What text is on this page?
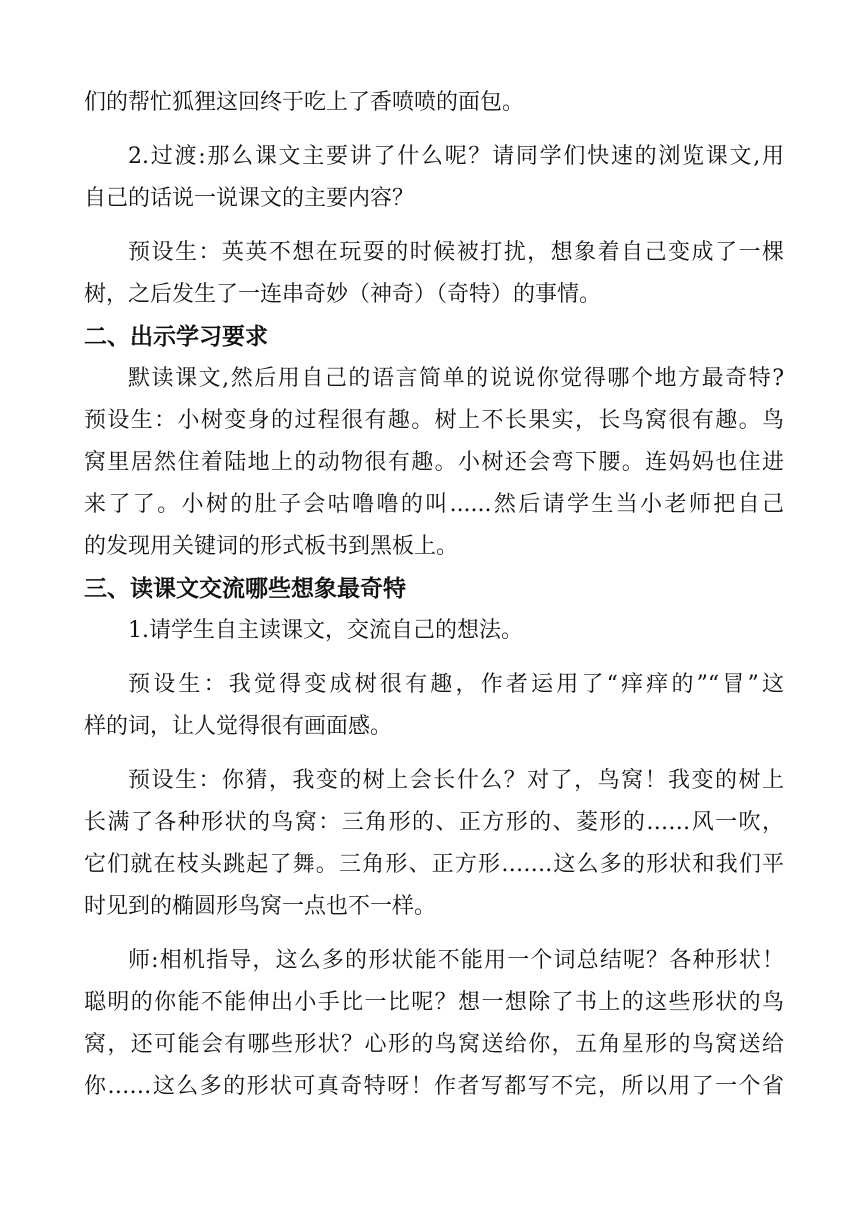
们的帮忙狐狸这回终于吃上了香喷喷的面包。
2.过渡:那么课文主要讲了什么呢？请同学们快速的浏览课文,用
自己的话说一说课文的主要内容？
预设生：英英不想在玩耍的时候被打扰，想象着自己变成了一棵
树，之后发生了一连串奇妙（神奇）（奇特）的事情。
二、出示学习要求
默读课文,然后用自己的语言简单的说说你觉得哪个地方最奇特?
预设生：小树变身的过程很有趣。树上不长果实，长鸟窝很有趣。鸟
窝里居然住着陆地上的动物很有趣。小树还会弯下腰。连妈妈也住进
来了了。小树的肚子会咕噜噜的叫......然后请学生当小老师把自己
的发现用关键词的形式板书到黑板上。
三、读课文交流哪些想象最奇特
1.请学生自主读课文，交流自己的想法。
预设生：我觉得变成树很有趣，作者运用了“痒痒的”“冒”这
样的词，让人觉得很有画面感。
预设生：你猜，我变的树上会长什么？对了，鸟窝！我变的树上
长满了各种形状的鸟窝：三角形的、正方形的、菱形的……风一吹，
它们就在枝头跳起了舞。三角形、正方形…….这么多的形状和我们平
时见到的椭圆形鸟窝一点也不一样。
师:相机指导，这么多的形状能不能用一个词总结呢？各种形状！
聪明的你能不能伸出小手比一比呢？想一想除了书上的这些形状的鸟
窝，还可能会有哪些形状？心形的鸟窝送给你，五角星形的鸟窝送给
你……这么多的形状可真奇特呀！作者写都写不完，所以用了一个省
